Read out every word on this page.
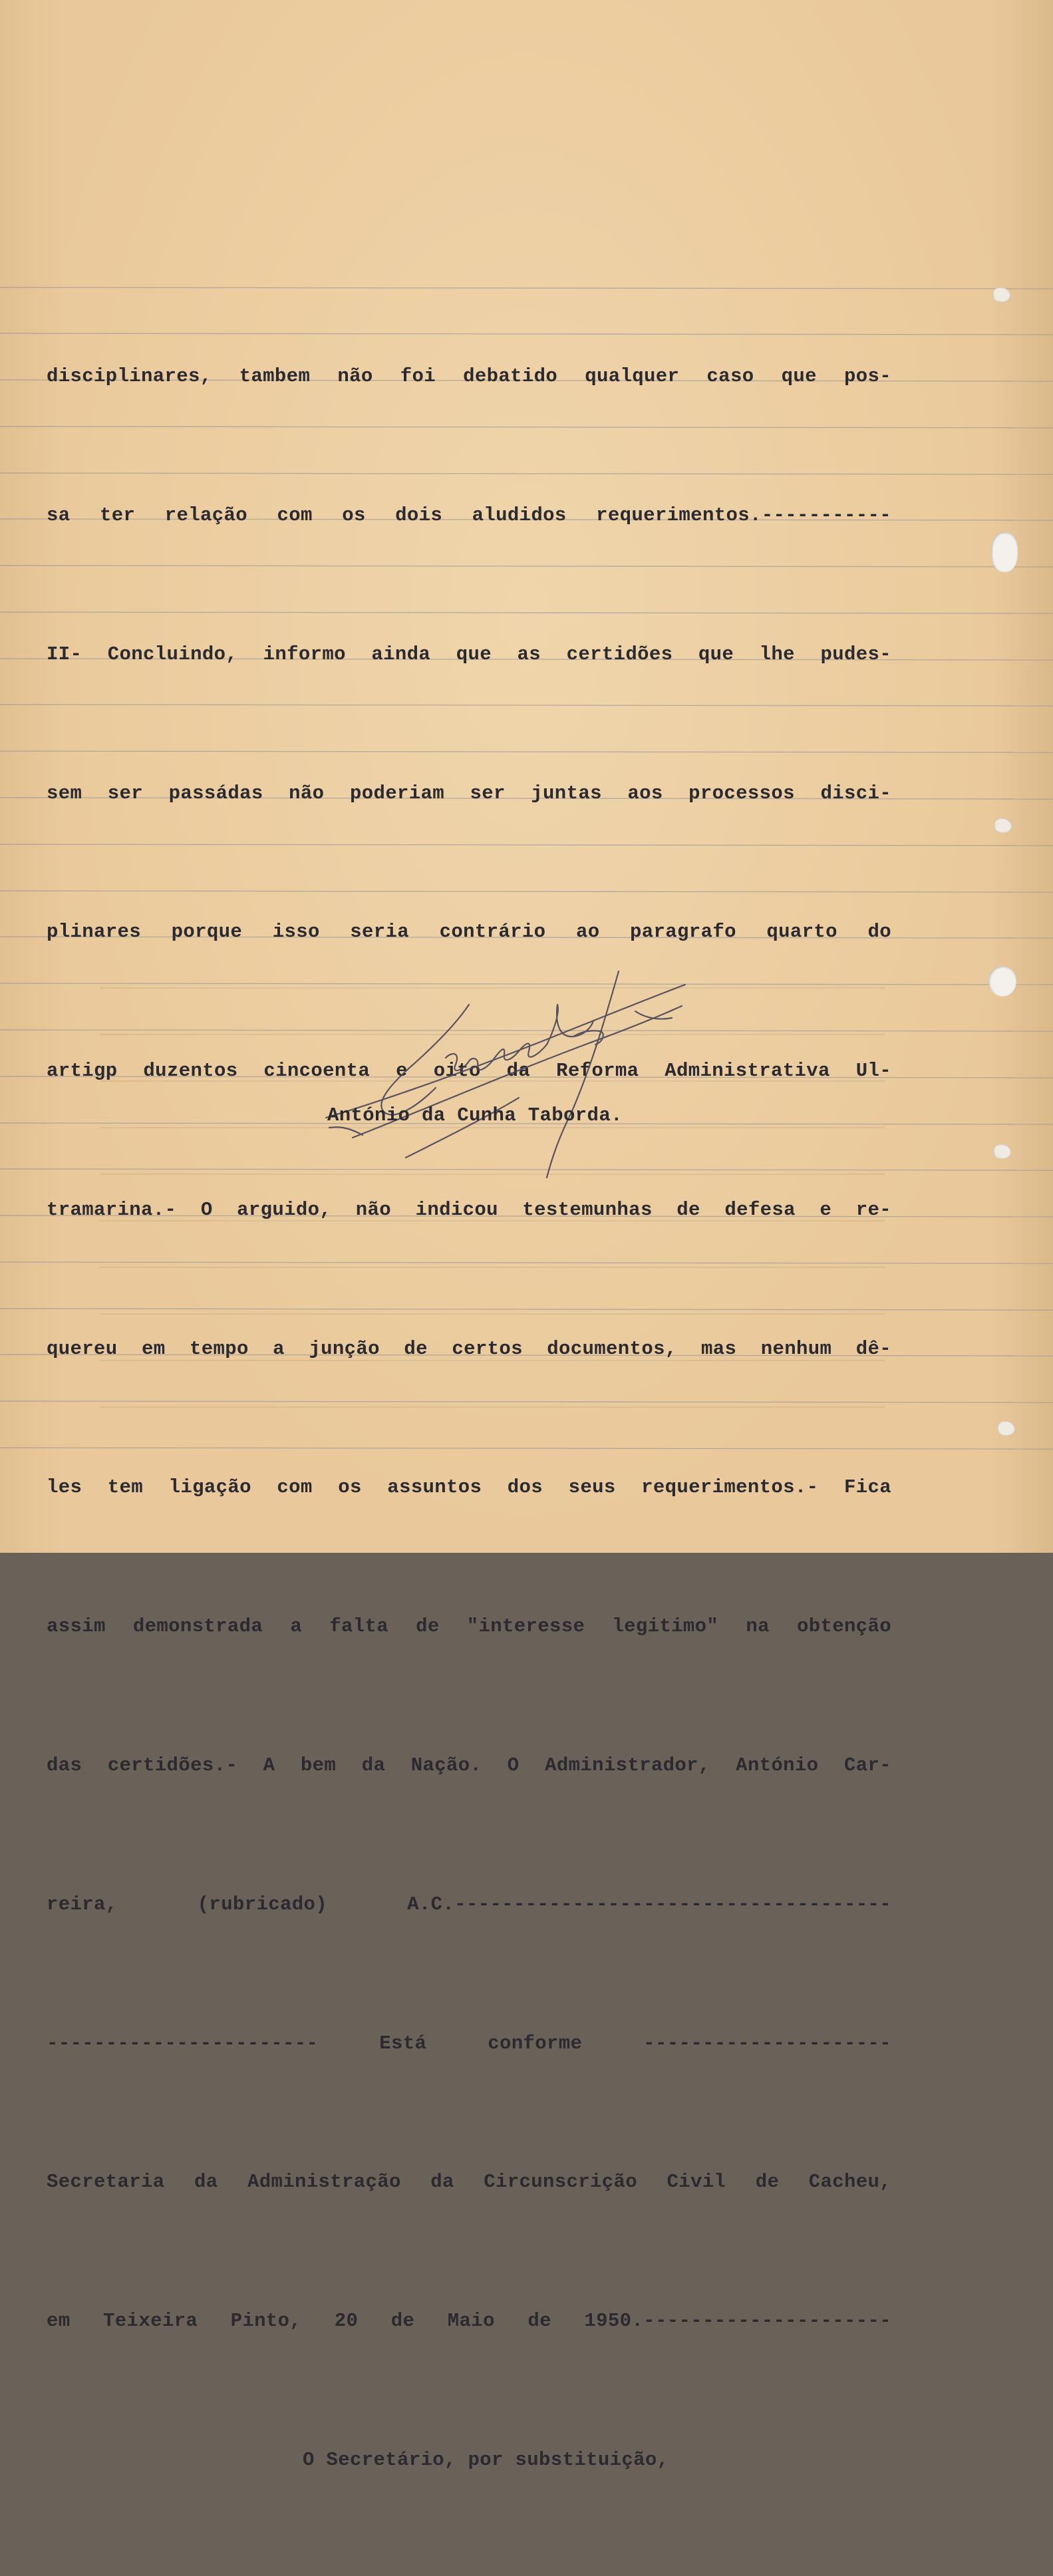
disciplinares, tambem não foi debatido qualquer caso que pos-

sa ter relação com os dois aludidos requerimentos.-----------

II- Concluindo, informo ainda que as certidões que lhe pudes-

sem ser passádas não poderiam ser juntas aos processos disci-

plinares porque isso seria contrário ao paragrafo quarto do

artigp duzentos cincoenta e oito da Reforma Administrativa Ul-

tramarina.- O arguido, não indicou testemunhas de defesa e re-

quereu em tempo a junção de certos documentos, mas nenhum dê-

les tem ligação com os assuntos dos seus requerimentos.- Fica

assim demonstrada a falta de "interesse legitimo" na obtenção

das certidões.- A bem da Nação. O Administrador, António Car-

reira, (rubricado) A.C.-------------------------------------

----------------------- Está conforme ---------------------

Secretaria da Administração da Circunscrição Civil de Cacheu,

em Teixeira Pinto, 20 de Maio de 1950.---------------------

O Secretário, por substituição,

António da Cunha Taborda.
